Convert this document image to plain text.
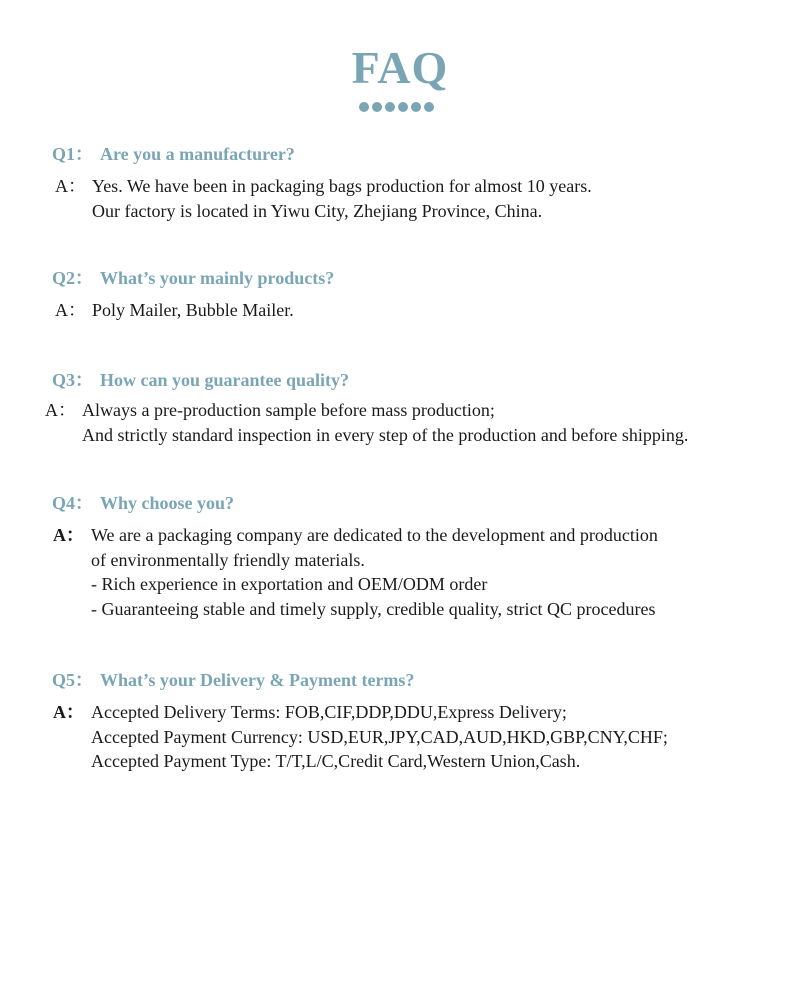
FAQ
Q1： Are you a manufacturer?
A： Yes. We have been in packaging bags production for almost 10 years.
Our factory is located in Yiwu City, Zhejiang Province, China.
Q2： What’s your mainly products?
A： Poly Mailer, Bubble Mailer.
Q3： How can you guarantee quality?
A： Always a pre-production sample before mass production;
And strictly standard inspection in every step of the production and before shipping.
Q4： Why choose you?
A： We are a packaging company are dedicated to the development and production
of environmentally friendly materials.
- Rich experience in exportation and OEM/ODM order
- Guaranteeing stable and timely supply, credible quality, strict QC procedures
Q5： What’s your Delivery & Payment terms?
A： Accepted Delivery Terms: FOB,CIF,DDP,DDU,Express Delivery;
Accepted Payment Currency: USD,EUR,JPY,CAD,AUD,HKD,GBP,CNY,CHF;
Accepted Payment Type: T/T,L/C,Credit Card,Western Union,Cash.
